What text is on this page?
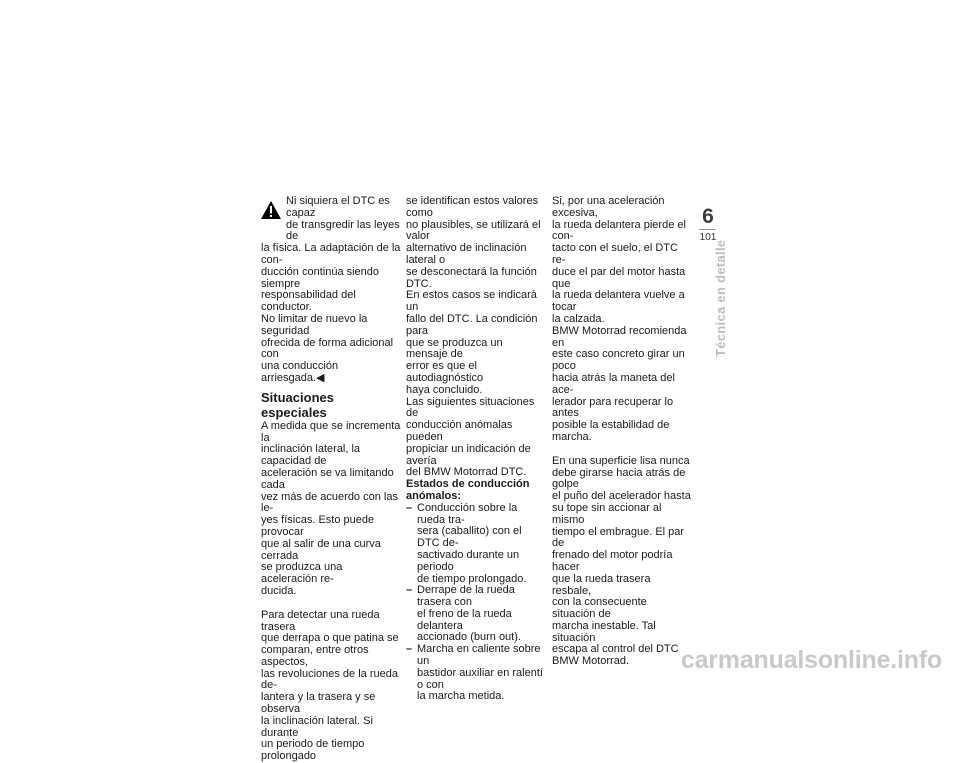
Ni siquiera el DTC es capaz

de transgredir las leyes de

la física. La adaptación de la con-

ducción continúa siendo siempre

responsabilidad del conductor.

No limitar de nuevo la seguridad

ofrecida de forma adicional con

una conducción arriesgada.◀

Situaciones especiales

A medida que se incrementa la

inclinación lateral, la capacidad de

aceleración se va limitando cada

vez más de acuerdo con las le-

yes físicas. Esto puede provocar

que al salir de una curva cerrada

se produzca una aceleración re-

ducida.

Para detectar una rueda trasera

que derrapa o que patina se

comparan, entre otros aspectos,

las revoluciones de la rueda de-

lantera y la trasera y se observa

la inclinación lateral. Si durante

un periodo de tiempo prolongado

se identifican estos valores como

no plausibles, se utilizará el valor

alternativo de inclinación lateral o

se desconectará la función DTC.

En estos casos se indicará un

fallo del DTC. La condición para

que se produzca un mensaje de

error es que el autodiagnóstico

haya concluido.

Las siguientes situaciones de

conducción anómalas pueden

propiciar un indicación de avería

del BMW Motorrad DTC.

Estados de conducción
anómalos:
– Conducción sobre la rueda tra-
sera (caballito) con el DTC de-
sactivado durante un periodo
de tiempo prolongado.
– Derrape de la rueda trasera con
el freno de la rueda delantera
accionado (burn out).
– Marcha en caliente sobre un
bastidor auxiliar en ralentí o con
la marcha metida.

Si, por una aceleración excesiva,

la rueda delantera pierde el con-

tacto con el suelo, el DTC re-

duce el par del motor hasta que

la rueda delantera vuelve a tocar

la calzada.

BMW Motorrad recomienda en

este caso concreto girar un poco

hacia atrás la maneta del ace-

lerador para recuperar lo antes

posible la estabilidad de marcha.

En una superficie lisa nunca

debe girarse hacia atrás de golpe

el puño del acelerador hasta

su tope sin accionar al mismo

tiempo el embrague. El par de

frenado del motor podría hacer

que la rueda trasera resbale,

con la consecuente situación de

marcha inestable. Tal situación

escapa al control del DTC

BMW Motorrad.

6
101
Técnica en detalle
carmanualsonline.info
